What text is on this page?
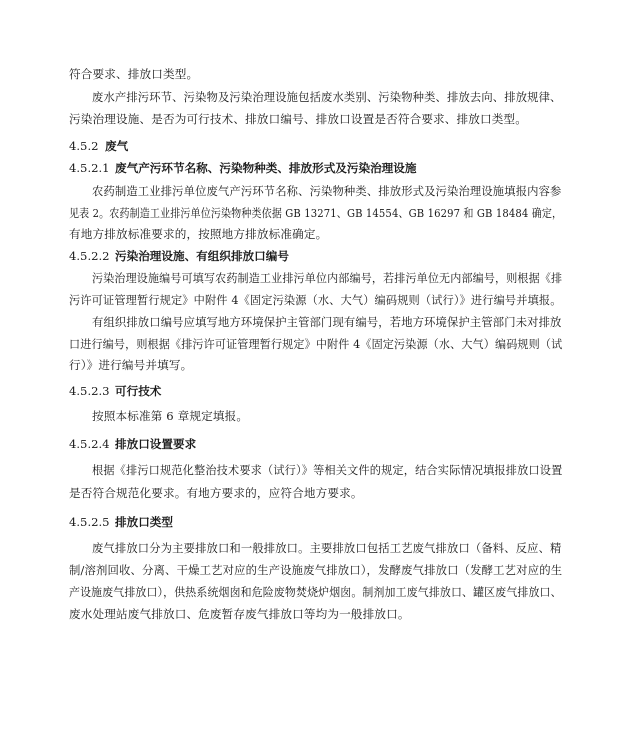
符合要求、排放口类型。
废水产排污环节、污染物及污染治理设施包括废水类别、污染物种类、排放去向、排放规律、
污染治理设施、是否为可行技术、排放口编号、排放口设置是否符合要求、排放口类型。
4.5.2 废气
4.5.2.1 废气产污环节名称、污染物种类、排放形式及污染治理设施
农药制造工业排污单位废气产污环节名称、污染物种类、排放形式及污染治理设施填报内容参
见表 2。农药制造工业排污单位污染物种类依据 GB 13271、GB 14554、GB 16297 和 GB 18484 确定，
有地方排放标准要求的，按照地方排放标准确定。
4.5.2.2 污染治理设施、有组织排放口编号
污染治理设施编号可填写农药制造工业排污单位内部编号，若排污单位无内部编号，则根据《排
污许可证管理暂行规定》中附件 4《固定污染源（水、大气）编码规则（试行）》进行编号并填报。
有组织排放口编号应填写地方环境保护主管部门现有编号，若地方环境保护主管部门未对排放
口进行编号，则根据《排污许可证管理暂行规定》中附件 4《固定污染源（水、大气）编码规则（试
行）》进行编号并填写。
4.5.2.3 可行技术
按照本标准第 6 章规定填报。
4.5.2.4 排放口设置要求
根据《排污口规范化整治技术要求（试行）》等相关文件的规定，结合实际情况填报排放口设置
是否符合规范化要求。有地方要求的，应符合地方要求。
4.5.2.5 排放口类型
废气排放口分为主要排放口和一般排放口。主要排放口包括工艺废气排放口（备料、反应、精
制/溶剂回收、分离、干燥工艺对应的生产设施废气排放口），发酵废气排放口（发酵工艺对应的生
产设施废气排放口），供热系统烟囱和危险废物焚烧炉烟囱。制剂加工废气排放口、罐区废气排放口、
废水处理站废气排放口、危废暂存废气排放口等均为一般排放口。
